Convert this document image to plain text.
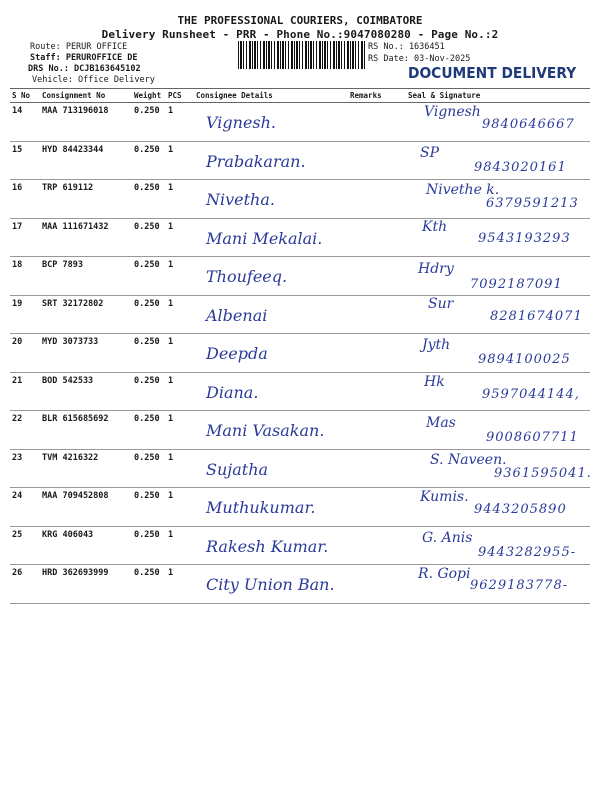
THE PROFESSIONAL COURIERS, COIMBATORE
Delivery Runsheet - PRR - Phone No.:9047080280 - Page No.:2
Route: PERUR OFFICE
Staff: PERUROFFICE DE
DRS No.: DCJB163645102
Vehicle: Office Delivery
RS No.: 1636451
RS Date: 03-Nov-2025
DOCUMENT DELIVERY
S No	Consignment No	Weight	PCS	Consignee Details	Remarks	Seal & Signature
14	MAA 713196018	0.250	1	Vignesh.		Vignesh
9840646667

15	HYD 84423344	0.250	1	Prabakaran.		SP
9843020161

16	TRP 619112	0.250	1	Nivetha.		Nivethe k.
6379591213

17	MAA 111671432	0.250	1	Mani Mekalai.		Kth
9543193293

18	BCP 7893	0.250	1	Thoufeeq.		Hdry
7092187091

19	SRT 32172802	0.250	1	Albenai		Sur
8281674071

20	MYD 3073733	0.250	1	Deepda		Jyth
9894100025

21	BOD 542533	0.250	1	Diana.		Hk
9597044144,

22	BLR 615685692	0.250	1	Mani Vasakan.		Mas
9008607711

23	TVM 4216322	0.250	1	Sujatha		S. Naveen.
9361595041.

24	MAA 709452808	0.250	1	Muthukumar.		Kumis.
9443205890

25	KRG 406043	0.250	1	Rakesh Kumar.		G. Anis
9443282955-

26	HRD 362693999	0.250	1	City Union Ban.		R. Gopi
9629183778-
